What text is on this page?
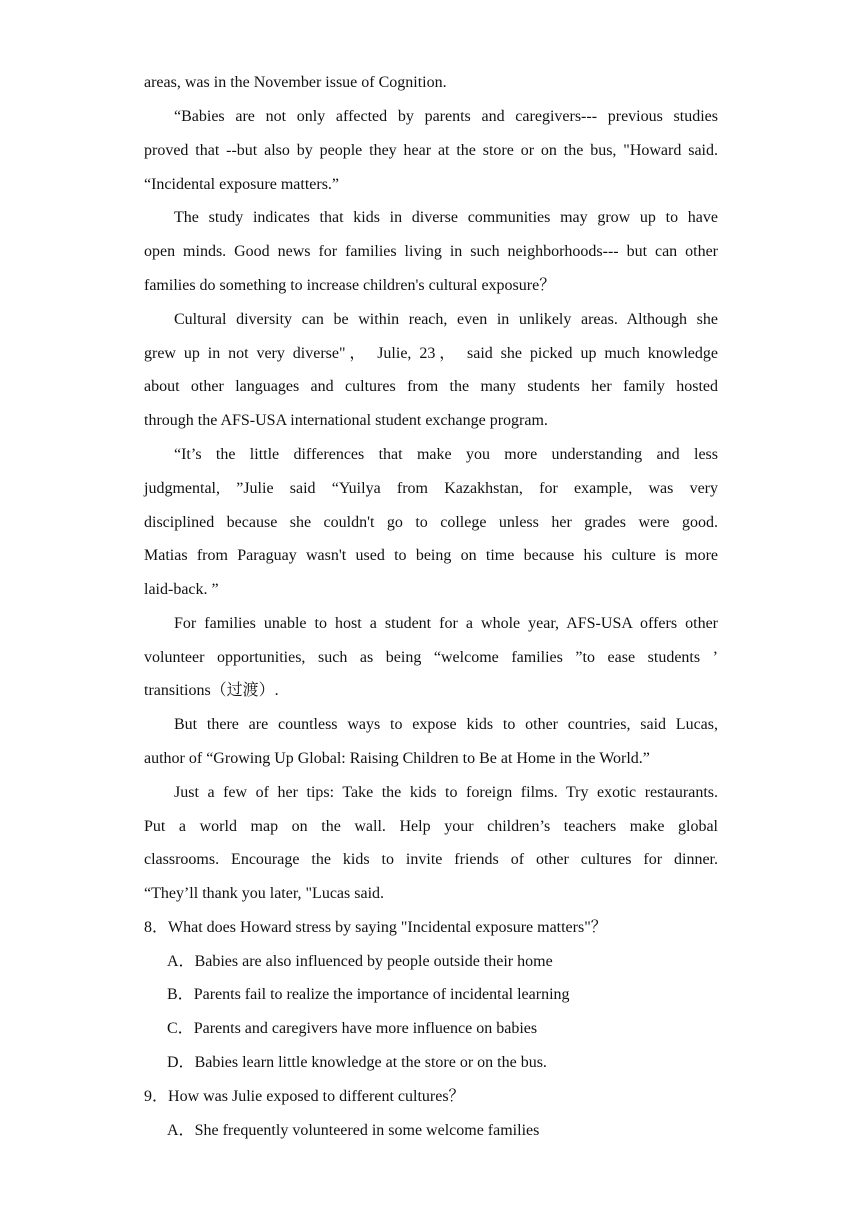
areas, was in the November issue of Cognition.
“Babies are not only affected by parents and caregivers--- previous studies
proved that --but also by people they hear at the store or on the bus, "Howard said.
“Incidental exposure matters.”
The study indicates that kids in diverse communities may grow up to have
open minds. Good news for families living in such neighborhoods--- but can other
families do something to increase children's cultural exposure？
Cultural diversity can be within reach, even in unlikely areas. Although she
grew up in not very diverse"， Julie, 23， said she picked up much knowledge
about other languages and cultures from the many students her family hosted
through the AFS-USA international student exchange program.
“It’s the little differences that make you more understanding and less
judgmental, ”Julie said “Yuilya from Kazakhstan, for example, was very
disciplined because she couldn't go to college unless her grades were good.
Matias from Paraguay wasn't used to being on time because his culture is more
laid-back. ”
For families unable to host a student for a whole year, AFS-USA offers other
volunteer opportunities, such as being “welcome families ”to ease students ’
transitions（过渡）.
But there are countless ways to expose kids to other countries, said Lucas,
author of “Growing Up Global: Raising Children to Be at Home in the World.”
Just a few of her tips: Take the kids to foreign films. Try exotic restaurants.
Put a world map on the wall. Help your children’s teachers make global
classrooms. Encourage the kids to invite friends of other cultures for dinner.
“They’ll thank you later, "Lucas said.
8．What does Howard stress by saying "Incidental exposure matters"？
A．Babies are also influenced by people outside their home
B．Parents fail to realize the importance of incidental learning
C．Parents and caregivers have more influence on babies
D．Babies learn little knowledge at the store or on the bus.
9．How was Julie exposed to different cultures？
A．She frequently volunteered in some welcome families
